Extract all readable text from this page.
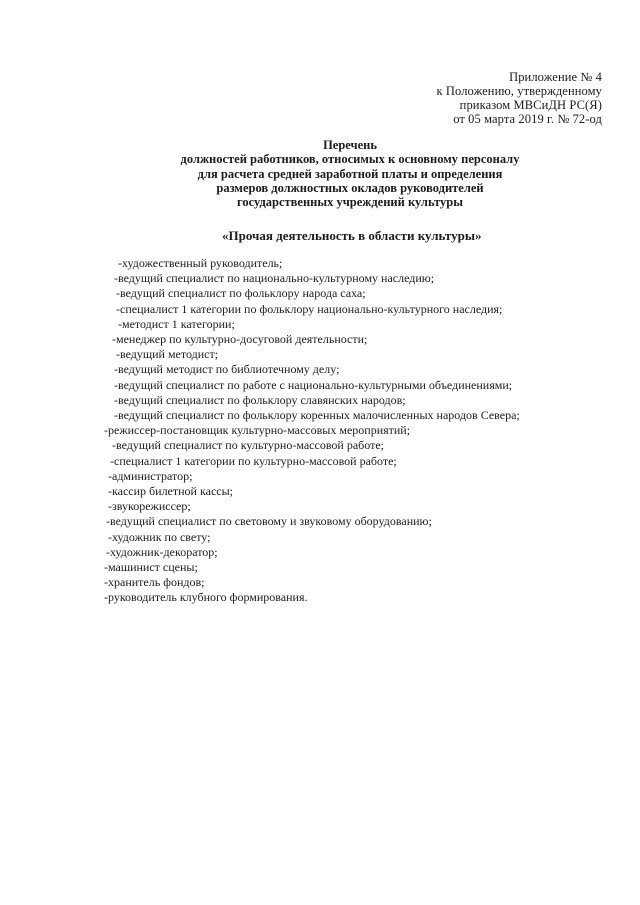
Приложение № 4
к Положению, утвержденному
приказом МВСиДН РС(Я)
от 05 марта 2019 г. № 72-од
Перечень
должностей работников, относимых к основному персоналу
для расчета средней заработной платы и определения
размеров должностных окладов руководителей
государственных учреждений культуры
«Прочая деятельность в области культуры»
-художественный руководитель;
-ведущий специалист по национально-культурному наследию;
-ведущий специалист по фольклору народа саха;
-специалист 1 категории по фольклору национально-культурного наследия;
-методист 1 категории;
-менеджер по культурно-досуговой деятельности;
-ведущий методист;
-ведущий методист по библиотечному делу;
-ведущий специалист по работе с национально-культурными объединениями;
-ведущий специалист по фольклору славянских народов;
-ведущий специалист по фольклору коренных малочисленных народов Севера;
-режиссер-постановщик культурно-массовых мероприятий;
-ведущий специалист по культурно-массовой работе;
-специалист 1 категории по культурно-массовой работе;
-администратор;
-кассир билетной кассы;
-звукорежиссер;
-ведущий специалист по световому и звуковому оборудованию;
-художник по свету;
-художник-декоратор;
-машинист сцены;
-хранитель фондов;
-руководитель клубного формирования.
